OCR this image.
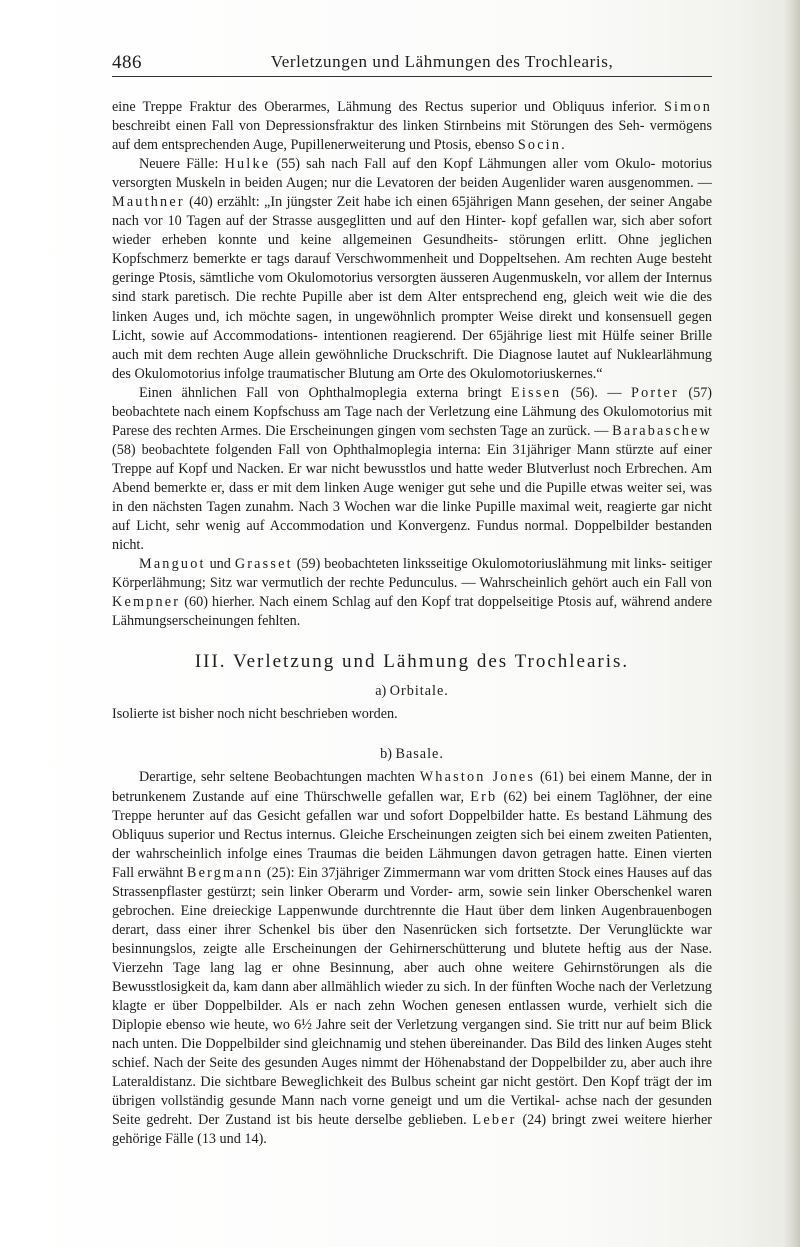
486	Verletzungen und Lähmungen des Trochlearis,

eine Treppe Fraktur des Oberarmes, Lähmung des Rectus superior und Obliquus inferior. Simon beschreibt einen Fall von Depressionsfraktur des linken Stirnbeins mit Störungen des Seh- vermögens auf dem entsprechenden Auge, Pupillenerweiterung und Ptosis, ebenso Socin.

Neuere Fälle: Hulke (55) sah nach Fall auf den Kopf Lähmungen aller vom Okulo- motorius versorgten Muskeln in beiden Augen; nur die Levatoren der beiden Augenlider waren ausgenommen. — Mauthner (40) erzählt: „In jüngster Zeit habe ich einen 65jährigen Mann gesehen, der seiner Angabe nach vor 10 Tagen auf der Strasse ausgeglitten und auf den Hinter- kopf gefallen war, sich aber sofort wieder erheben konnte und keine allgemeinen Gesundheits- störungen erlitt. Ohne jeglichen Kopfschmerz bemerkte er tags darauf Verschwommenheit und Doppeltsehen. Am rechten Auge besteht geringe Ptosis, sämtliche vom Okulomotorius versorgten äusseren Augenmuskeln, vor allem der Internus sind stark paretisch. Die rechte Pupille aber ist dem Alter entsprechend eng, gleich weit wie die des linken Auges und, ich möchte sagen, in ungewöhnlich prompter Weise direkt und konsensuell gegen Licht, sowie auf Accommodations- intentionen reagierend. Der 65jährige liest mit Hülfe seiner Brille auch mit dem rechten Auge allein gewöhnliche Druckschrift. Die Diagnose lautet auf Nuklearlähmung des Okulomotorius infolge traumatischer Blutung am Orte des Okulomotoriuskernes.“

Einen ähnlichen Fall von Ophthalmoplegia externa bringt Eissen (56). — Porter (57) beobachtete nach einem Kopfschuss am Tage nach der Verletzung eine Lähmung des Okulomotorius mit Parese des rechten Armes. Die Erscheinungen gingen vom sechsten Tage an zurück. — Barabaschew (58) beobachtete folgenden Fall von Ophthalmoplegia interna: Ein 31jähriger Mann stürzte auf einer Treppe auf Kopf und Nacken. Er war nicht bewusstlos und hatte weder Blutverlust noch Erbrechen. Am Abend bemerkte er, dass er mit dem linken Auge weniger gut sehe und die Pupille etwas weiter sei, was in den nächsten Tagen zunahm. Nach 3 Wochen war die linke Pupille maximal weit, reagierte gar nicht auf Licht, sehr wenig auf Accommodation und Konvergenz. Fundus normal. Doppelbilder bestanden nicht.

Manguot und Grasset (59) beobachteten linksseitige Okulomotoriuslähmung mit links- seitiger Körperlähmung; Sitz war vermutlich der rechte Pedunculus. — Wahrscheinlich gehört auch ein Fall von Kempner (60) hierher. Nach einem Schlag auf den Kopf trat doppelseitige Ptosis auf, während andere Lähmungserscheinungen fehlten.

III. Verletzung und Lähmung des Trochlearis.
a) Orbitale.

Isolierte ist bisher noch nicht beschrieben worden.

b) Basale.

Derartige, sehr seltene Beobachtungen machten Whaston Jones (61) bei einem Manne, der in betrunkenem Zustande auf eine Thürschwelle gefallen war, Erb (62) bei einem Taglöhner, der eine Treppe herunter auf das Gesicht gefallen war und sofort Doppelbilder hatte. Es bestand Lähmung des Obliquus superior und Rectus internus. Gleiche Erscheinungen zeigten sich bei einem zweiten Patienten, der wahrscheinlich infolge eines Traumas die beiden Lähmungen davon getragen hatte. Einen vierten Fall erwähnt Bergmann (25): Ein 37jähriger Zimmermann war vom dritten Stock eines Hauses auf das Strassenpflaster gestürzt; sein linker Oberarm und Vorder- arm, sowie sein linker Oberschenkel waren gebrochen. Eine dreieckige Lappenwunde durchtrennte die Haut über dem linken Augenbrauenbogen derart, dass einer ihrer Schenkel bis über den Nasenrücken sich fortsetzte. Der Verunglückte war besinnungslos, zeigte alle Erscheinungen der Gehirnerschütterung und blutete heftig aus der Nase. Vierzehn Tage lang lag er ohne Besinnung, aber auch ohne weitere Gehirnstörungen als die Bewusstlosigkeit da, kam dann aber allmählich wieder zu sich. In der fünften Woche nach der Verletzung klagte er über Doppelbilder. Als er nach zehn Wochen genesen entlassen wurde, verhielt sich die Diplopie ebenso wie heute, wo 6½ Jahre seit der Verletzung vergangen sind. Sie tritt nur auf beim Blick nach unten. Die Doppelbilder sind gleichnamig und stehen übereinander. Das Bild des linken Auges steht schief. Nach der Seite des gesunden Auges nimmt der Höhenabstand der Doppelbilder zu, aber auch ihre Lateraldistanz. Die sichtbare Beweglichkeit des Bulbus scheint gar nicht gestört. Den Kopf trägt der im übrigen vollständig gesunde Mann nach vorne geneigt und um die Vertikal- achse nach der gesunden Seite gedreht. Der Zustand ist bis heute derselbe geblieben. Leber (24) bringt zwei weitere hierher gehörige Fälle (13 und 14).
